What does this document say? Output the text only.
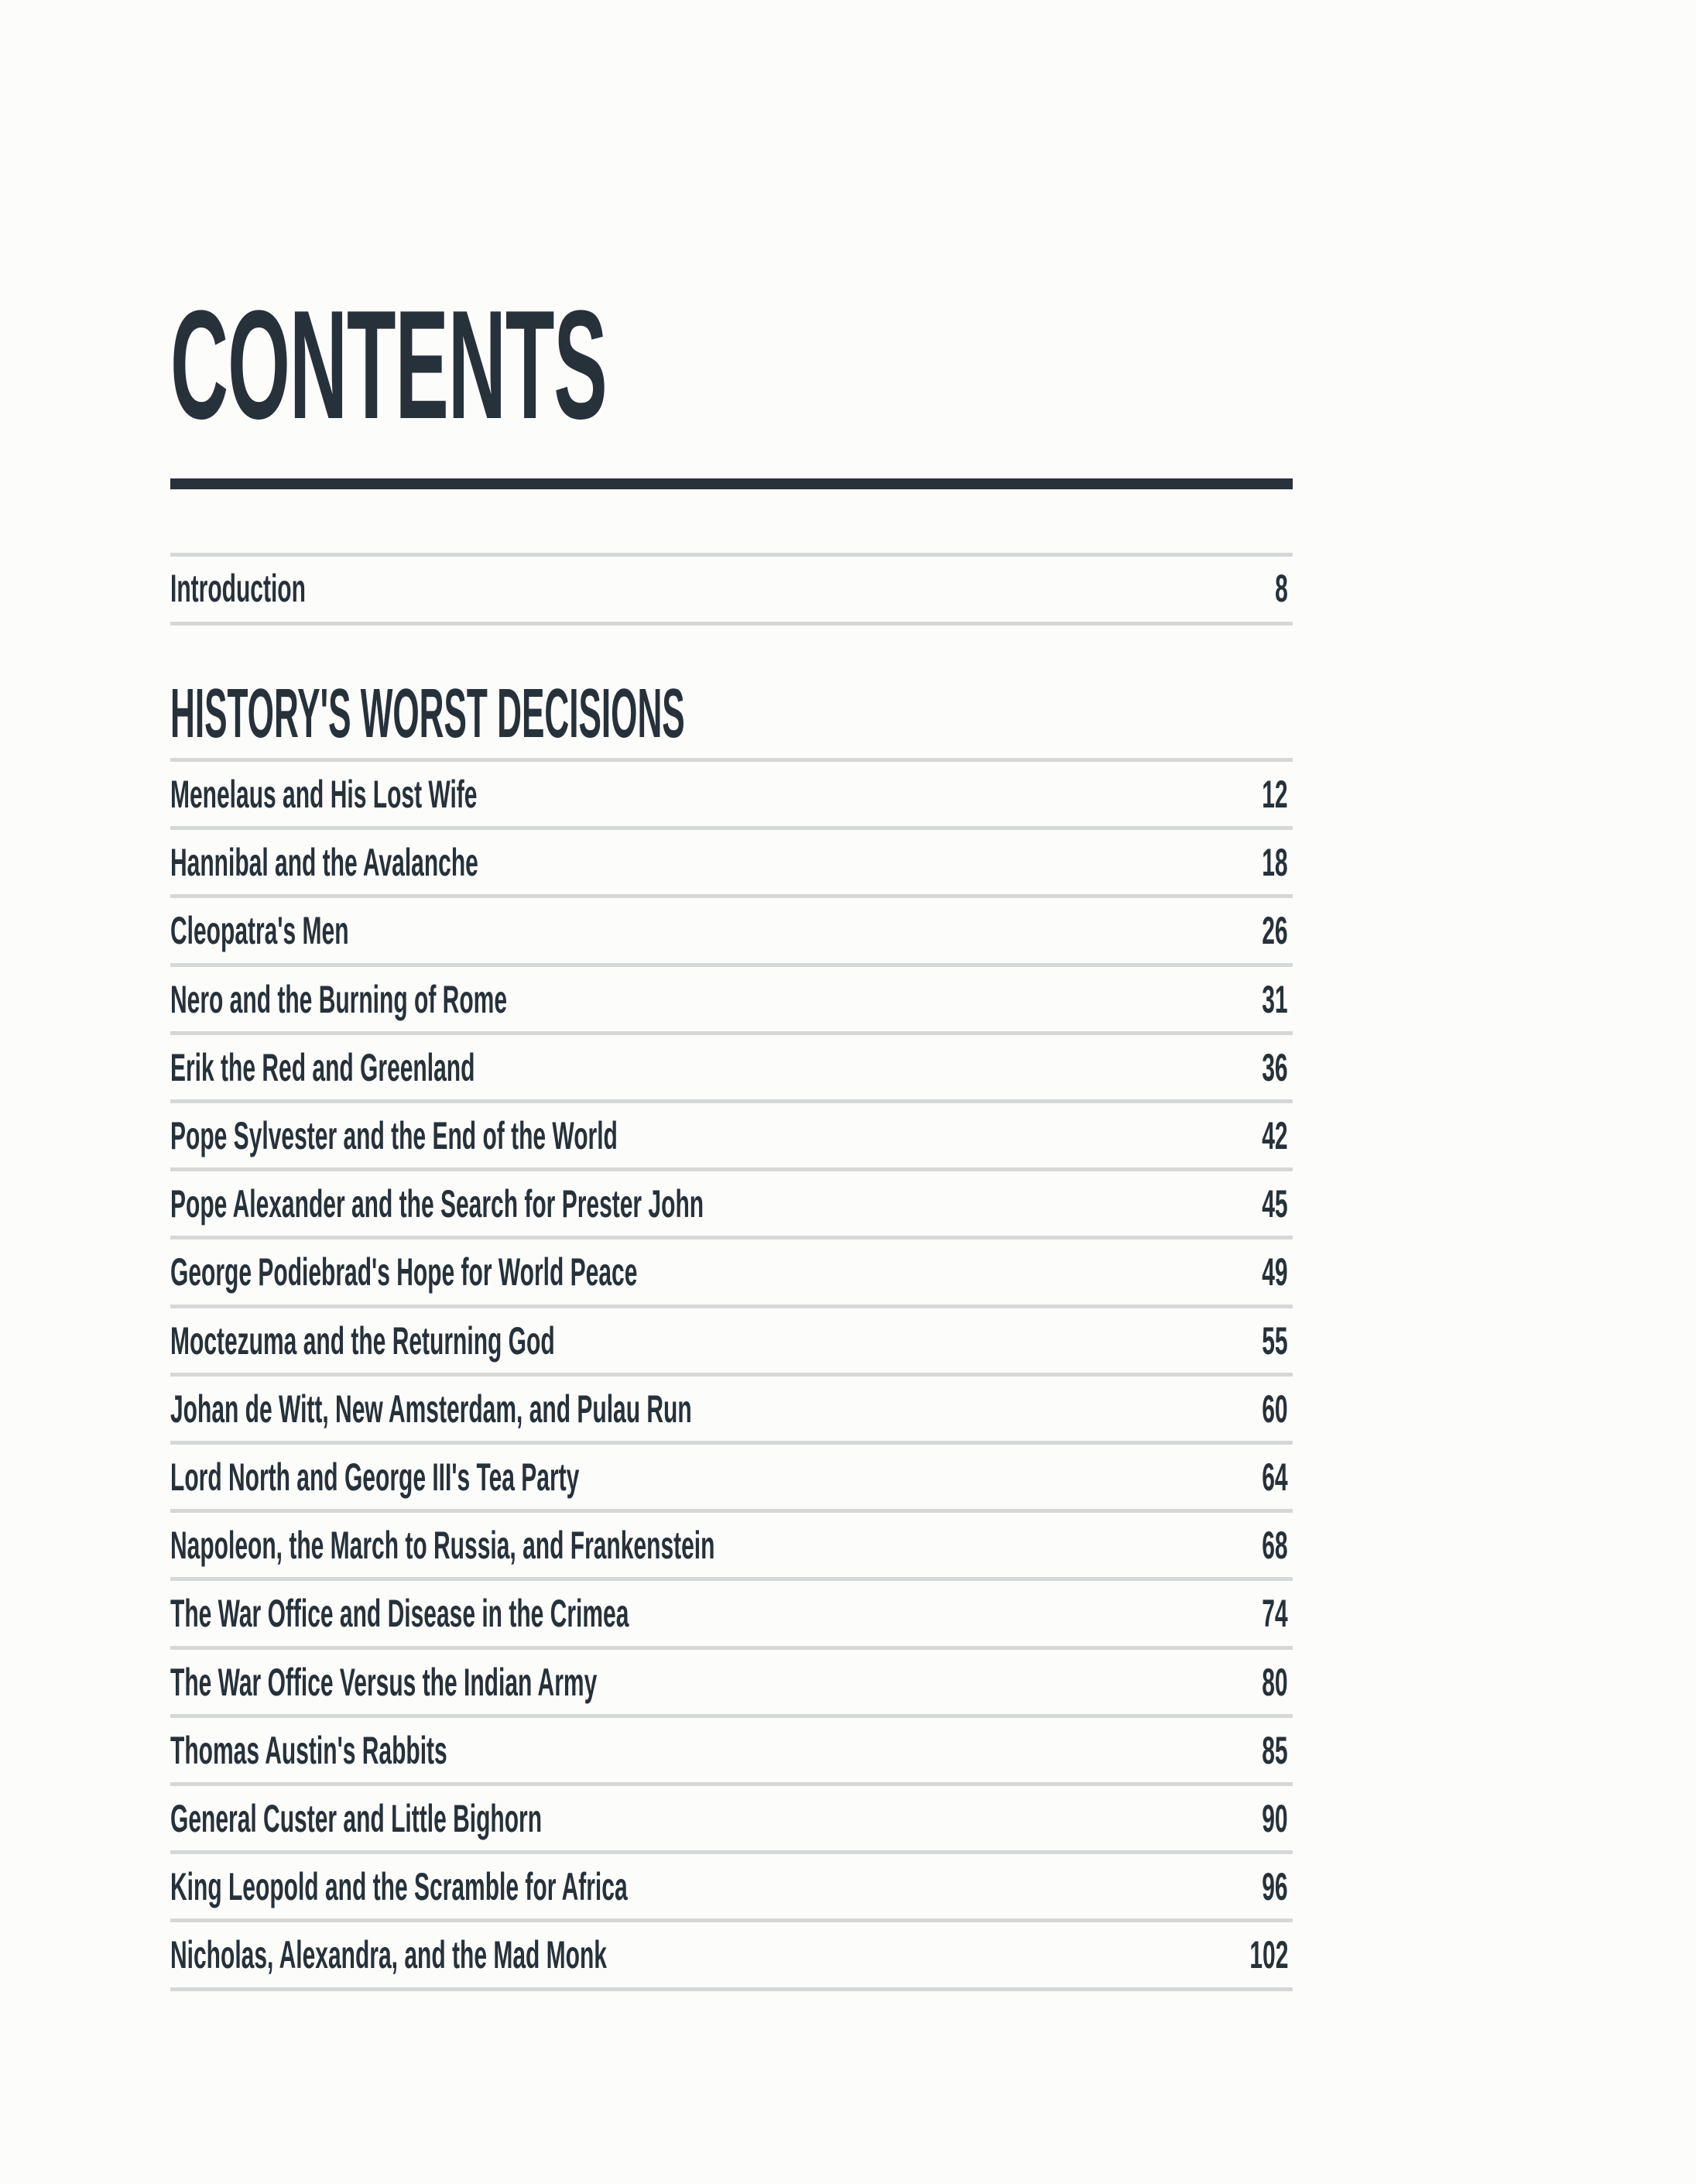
CONTENTS
Introduction	8
HISTORY'S WORST DECISIONS
Menelaus and His Lost Wife	12
Hannibal and the Avalanche	18
Cleopatra's Men	26
Nero and the Burning of Rome	31
Erik the Red and Greenland	36
Pope Sylvester and the End of the World	42
Pope Alexander and the Search for Prester John	45
George Podiebrad's Hope for World Peace	49
Moctezuma and the Returning God	55
Johan de Witt, New Amsterdam, and Pulau Run	60
Lord North and George III's Tea Party	64
Napoleon, the March to Russia, and Frankenstein	68
The War Office and Disease in the Crimea	74
The War Office Versus the Indian Army	80
Thomas Austin's Rabbits	85
General Custer and Little Bighorn	90
King Leopold and the Scramble for Africa	96
Nicholas, Alexandra, and the Mad Monk	102
